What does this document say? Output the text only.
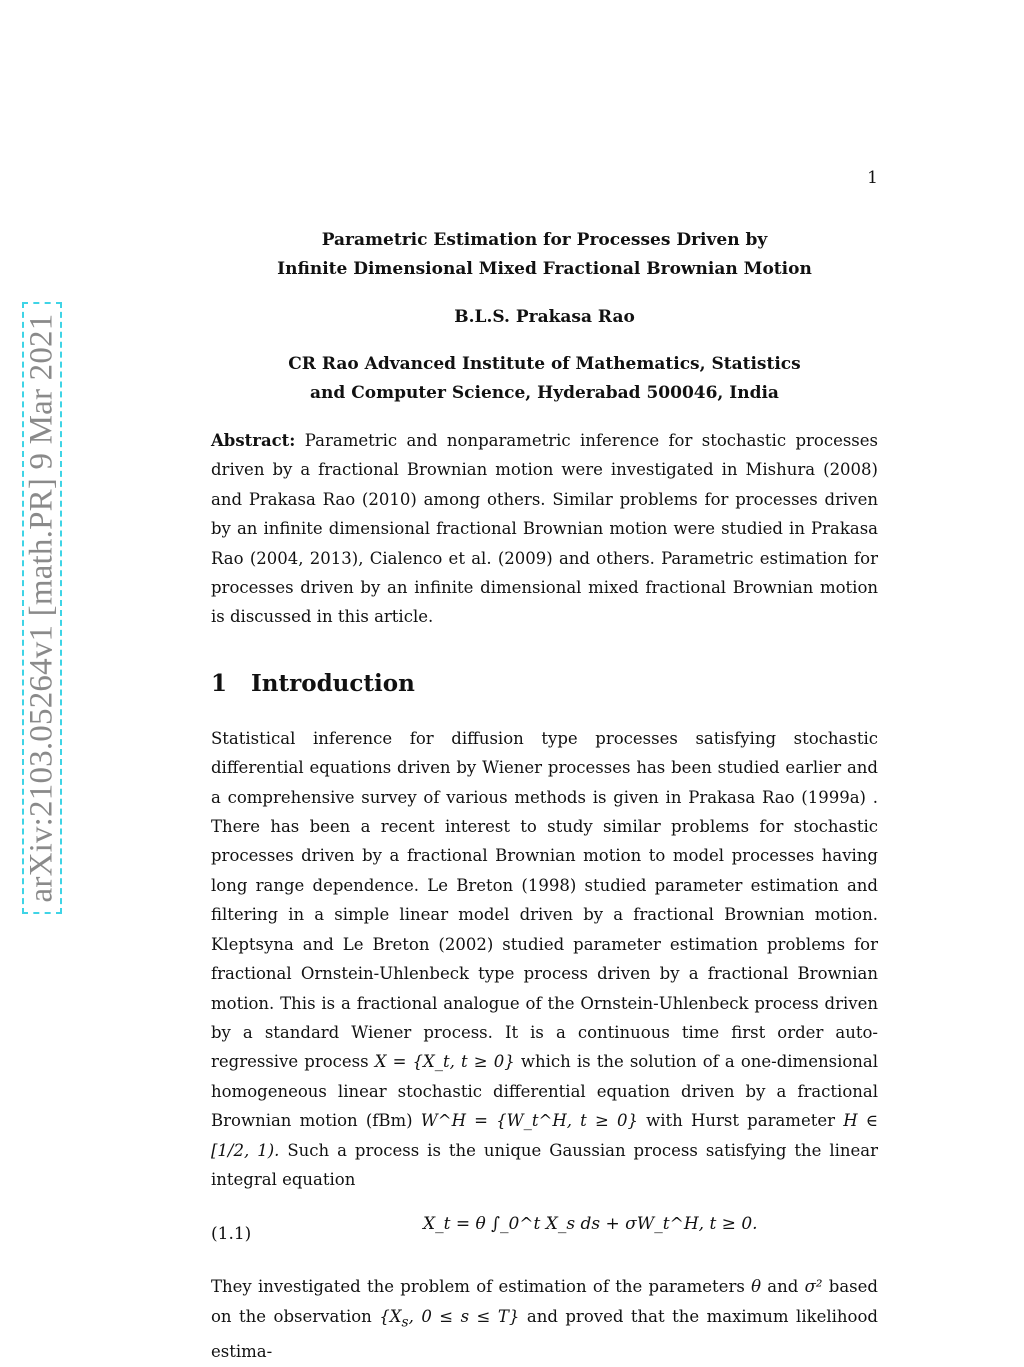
1
arXiv:2103.05264v1 [math.PR] 9 Mar 2021

Parametric Estimation for Processes Driven by
Infinite Dimensional Mixed Fractional Brownian Motion

B.L.S. Prakasa Rao

CR Rao Advanced Institute of Mathematics, Statistics
and Computer Science, Hyderabad 500046, India

Abstract: Parametric and nonparametric inference for stochastic processes driven by a fractional Brownian motion were investigated in Mishura (2008) and Prakasa Rao (2010) among others. Similar problems for processes driven by an infinite dimensional fractional Brownian motion were studied in Prakasa Rao (2004, 2013), Cialenco et al. (2009) and others. Parametric estimation for processes driven by an infinite dimensional mixed fractional Brownian motion is discussed in this article.

1 Introduction

Statistical inference for diffusion type processes satisfying stochastic differential equations driven by Wiener processes has been studied earlier and a comprehensive survey of various methods is given in Prakasa Rao (1999a) . There has been a recent interest to study similar problems for stochastic processes driven by a fractional Brownian motion to model processes having long range dependence. Le Breton (1998) studied parameter estimation and filtering in a simple linear model driven by a fractional Brownian motion. Kleptsyna and Le Breton (2002) studied parameter estimation problems for fractional Ornstein-Uhlenbeck type process driven by a fractional Brownian motion. This is a fractional analogue of the Ornstein-Uhlenbeck process driven by a standard Wiener process. It is a continuous time first order auto-regressive process X = {X_t, t ≥ 0} which is the solution of a one-dimensional homogeneous linear stochastic differential equation driven by a fractional Brownian motion (fBm) W^H = {W_t^H, t ≥ 0} with Hurst parameter H ∈ [1/2, 1). Such a process is the unique Gaussian process satisfying the linear integral equation

(1.1)	X_t = θ ∫_0^t X_s ds + σW_t^H, t ≥ 0.

They investigated the problem of estimation of the parameters θ and σ² based on the observation {$X_s$, 0 ≤ s ≤ T} and proved that the maximum likelihood estima-
